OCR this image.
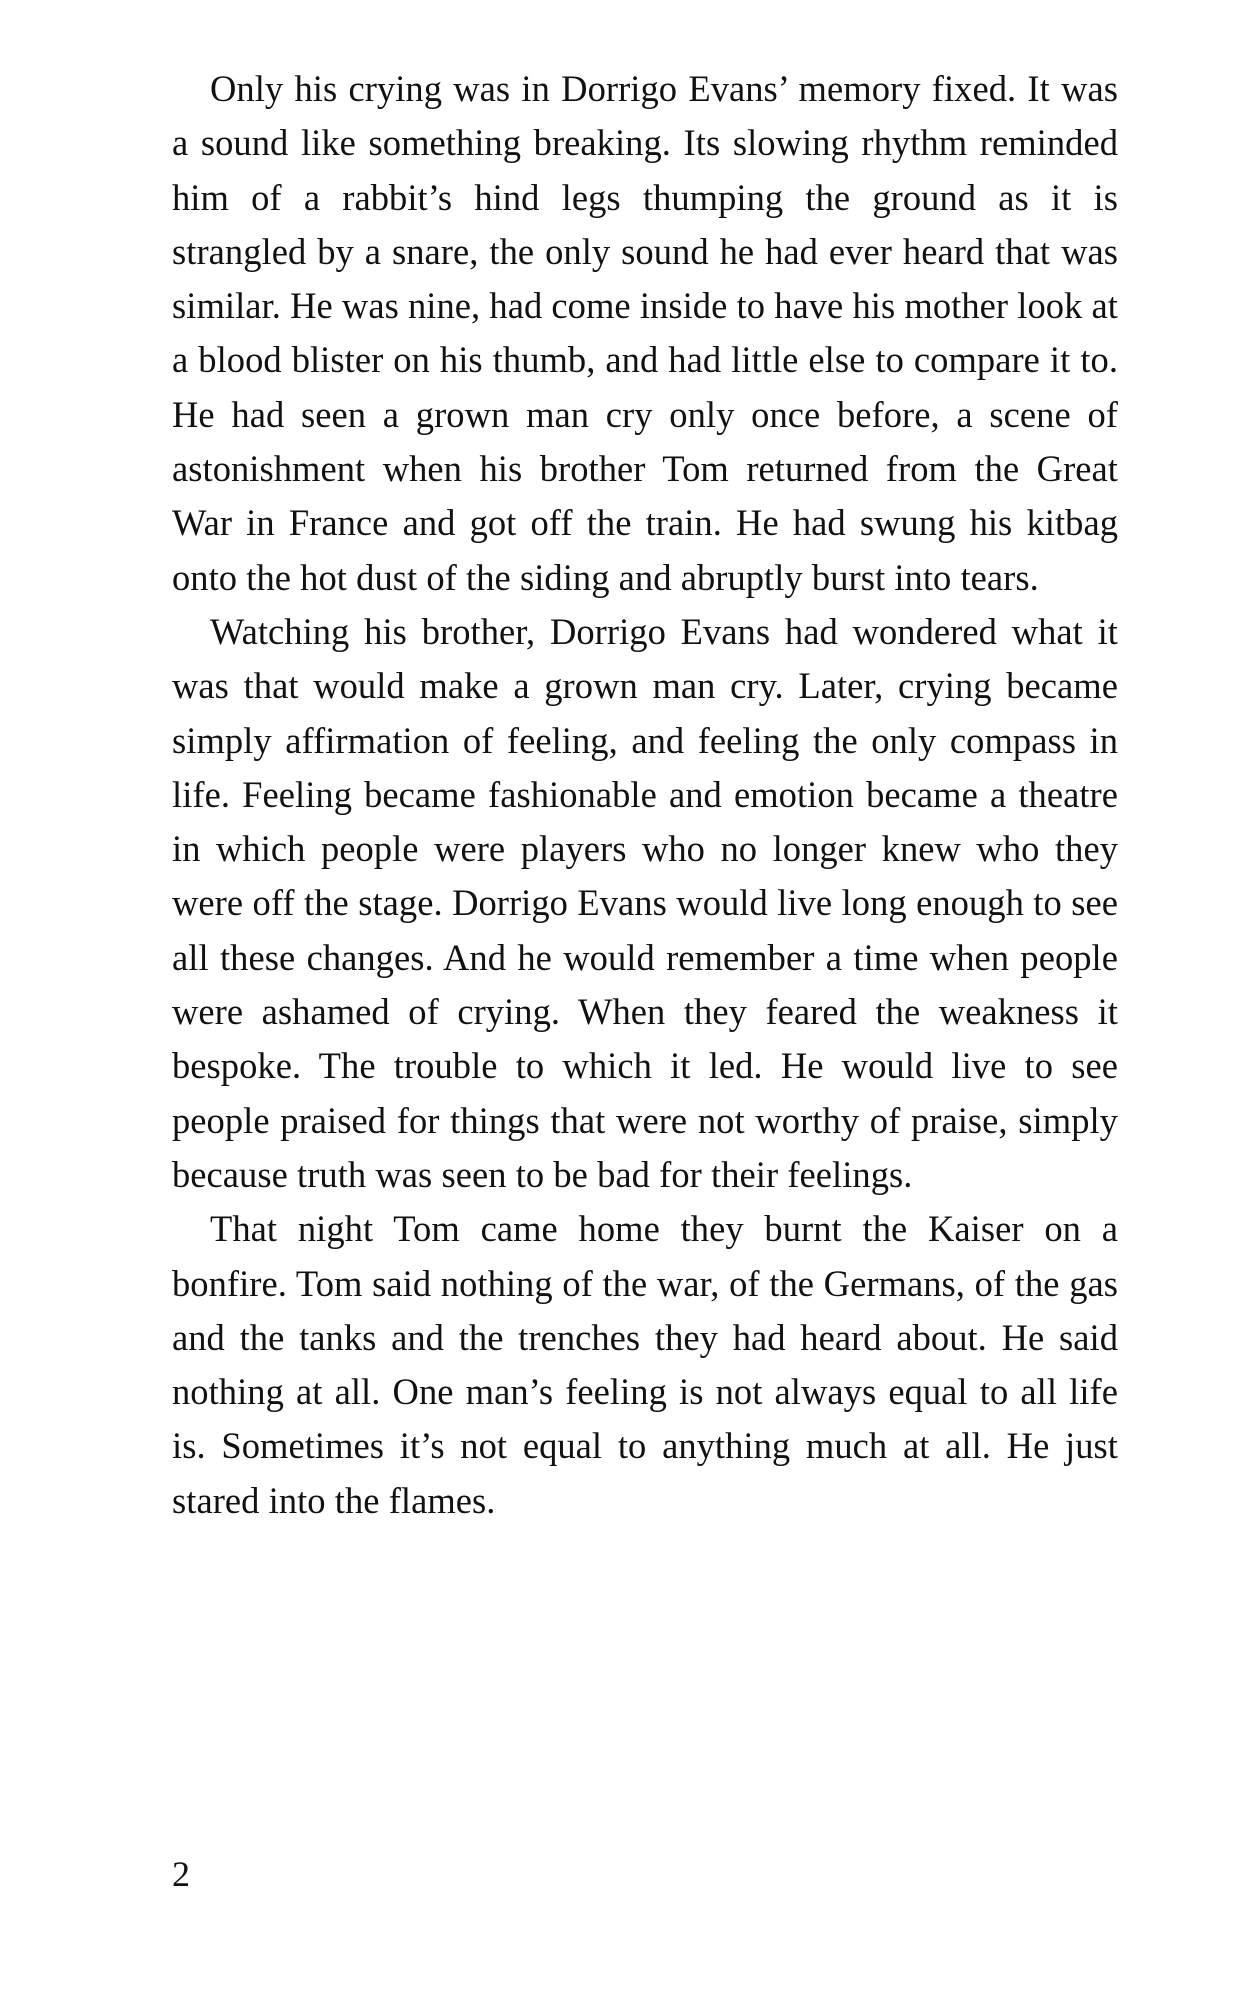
Only his crying was in Dorrigo Evans’ memory fixed. It was a sound like something breaking. Its slowing rhythm reminded him of a rabbit’s hind legs thumping the ground as it is strangled by a snare, the only sound he had ever heard that was similar. He was nine, had come inside to have his mother look at a blood blister on his thumb, and had little else to compare it to. He had seen a grown man cry only once before, a scene of astonishment when his brother Tom returned from the Great War in France and got off the train. He had swung his kitbag onto the hot dust of the siding and abruptly burst into tears.

Watching his brother, Dorrigo Evans had wondered what it was that would make a grown man cry. Later, crying became simply affirmation of feeling, and feeling the only compass in life. Feeling became fashionable and emotion became a theatre in which people were players who no longer knew who they were off the stage. Dorrigo Evans would live long enough to see all these changes. And he would remember a time when people were ashamed of crying. When they feared the weakness it bespoke. The trouble to which it led. He would live to see people praised for things that were not worthy of praise, simply because truth was seen to be bad for their feelings.

That night Tom came home they burnt the Kaiser on a bonfire. Tom said nothing of the war, of the Germans, of the gas and the tanks and the trenches they had heard about. He said nothing at all. One man’s feeling is not always equal to all life is. Sometimes it’s not equal to anything much at all. He just stared into the flames.

2
